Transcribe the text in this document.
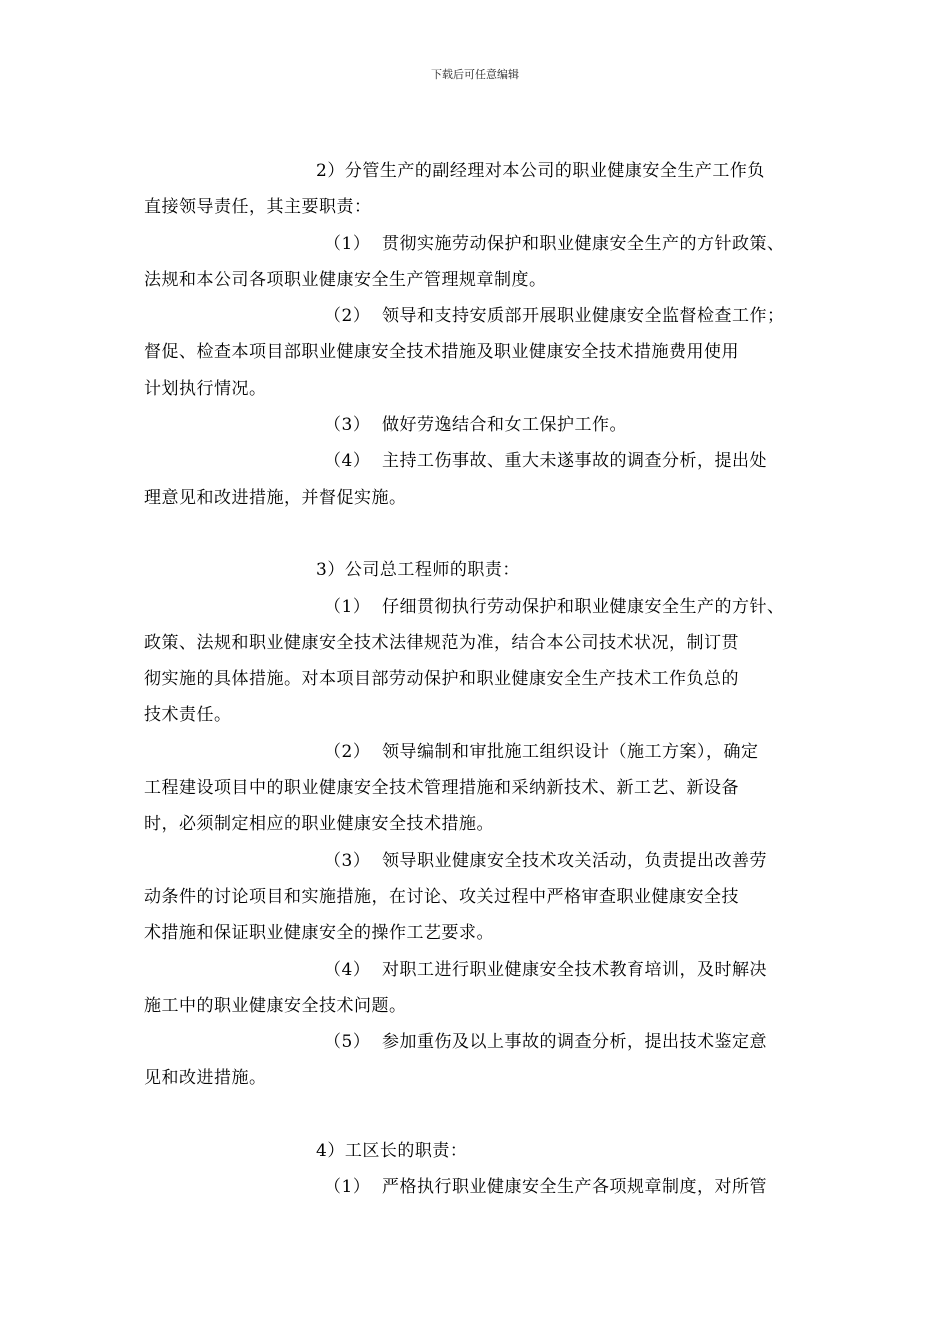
下载后可任意编辑
2）分管生产的副经理对本公司的职业健康安全生产工作负
直接领导责任，其主要职责：
（1） 贯彻实施劳动保护和职业健康安全生产的方针政策、
法规和本公司各项职业健康安全生产管理规章制度。
（2） 领导和支持安质部开展职业健康安全监督检查工作；
督促、检查本项目部职业健康安全技术措施及职业健康安全技术措施费用使用
计划执行情况。
（3） 做好劳逸结合和女工保护工作。
（4） 主持工伤事故、重大未遂事故的调查分析，提出处
理意见和改进措施，并督促实施。
3）公司总工程师的职责：
（1） 仔细贯彻执行劳动保护和职业健康安全生产的方针、
政策、法规和职业健康安全技术法律规范为准，结合本公司技术状况，制订贯
彻实施的具体措施。对本项目部劳动保护和职业健康安全生产技术工作负总的
技术责任。
（2） 领导编制和审批施工组织设计（施工方案），确定
工程建设项目中的职业健康安全技术管理措施和采纳新技术、新工艺、新设备
时，必须制定相应的职业健康安全技术措施。
（3） 领导职业健康安全技术攻关活动，负责提出改善劳
动条件的讨论项目和实施措施，在讨论、攻关过程中严格审查职业健康安全技
术措施和保证职业健康安全的操作工艺要求。
（4） 对职工进行职业健康安全技术教育培训，及时解决
施工中的职业健康安全技术问题。
（5） 参加重伤及以上事故的调查分析，提出技术鉴定意
见和改进措施。
4）工区长的职责：
（1） 严格执行职业健康安全生产各项规章制度，对所管
